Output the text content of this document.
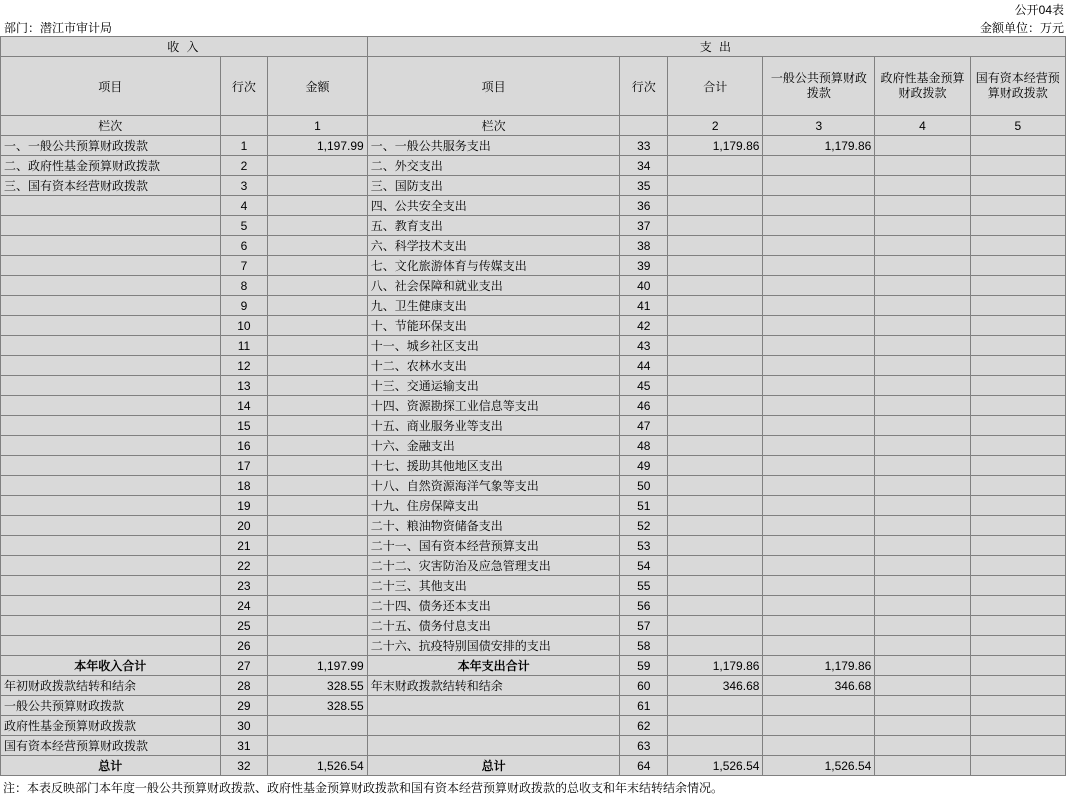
公开04表
部门：潜江市审计局	金额单位：万元
收 入			支 出					
项目	行次	金额	项目	行次	合计	一般公共预算财政拨款	政府性基金预算财政拨款	国有资本经营预算财政拨款
栏次		1	栏次		2	3	4	5
一、一般公共预算财政拨款	1	1,197.99	一、一般公共服务支出	33	1,179.86	1,179.86		
二、政府性基金预算财政拨款	2		二、外交支出	34				
三、国有资本经营财政拨款	3		三、国防支出	35				
	4		四、公共安全支出	36				
	5		五、教育支出	37				
	6		六、科学技术支出	38				
	7		七、文化旅游体育与传媒支出	39				
	8		八、社会保障和就业支出	40				
	9		九、卫生健康支出	41				
	10		十、节能环保支出	42				
	11		十一、城乡社区支出	43				
	12		十二、农林水支出	44				
	13		十三、交通运输支出	45				
	14		十四、资源勘探工业信息等支出	46				
	15		十五、商业服务业等支出	47				
	16		十六、金融支出	48				
	17		十七、援助其他地区支出	49				
	18		十八、自然资源海洋气象等支出	50				
	19		十九、住房保障支出	51				
	20		二十、粮油物资储备支出	52				
	21		二十一、国有资本经营预算支出	53				
	22		二十二、灾害防治及应急管理支出	54				
	23		二十三、其他支出	55				
	24		二十四、债务还本支出	56				
	25		二十五、债务付息支出	57				
	26		二十六、抗疫特别国债安排的支出	58				
本年收入合计	27	1,197.99	本年支出合计	59	1,179.86	1,179.86		
年初财政拨款结转和结余	28	328.55	年末财政拨款结转和结余	60	346.68	346.68		
一般公共预算财政拨款	29	328.55		61				
政府性基金预算财政拨款	30			62				
国有资本经营预算财政拨款	31			63				
总计	32	1,526.54	总计	64	1,526.54	1,526.54		
注：本表反映部门本年度一般公共预算财政拨款、政府性基金预算财政拨款和国有资本经营预算财政拨款的总收支和年末结转结余情况。
